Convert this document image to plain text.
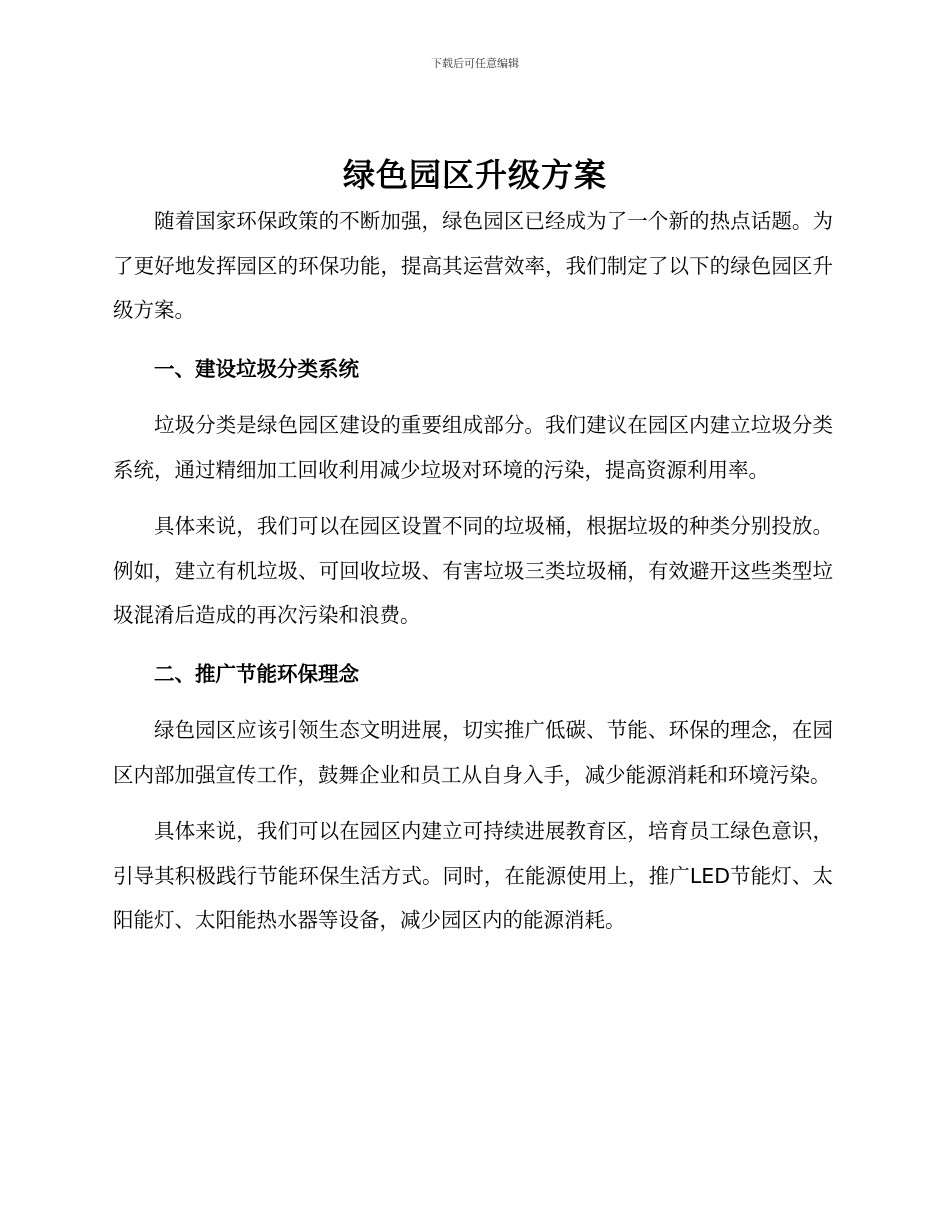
下载后可任意编辑
绿色园区升级方案

随着国家环保政策的不断加强，绿色园区已经成为了一个新的热点话题。为了更好地发挥园区的环保功能，提高其运营效率，我们制定了以下的绿色园区升级方案。

一、建设垃圾分类系统

垃圾分类是绿色园区建设的重要组成部分。我们建议在园区内建立垃圾分类系统，通过精细加工回收利用减少垃圾对环境的污染，提高资源利用率。

具体来说，我们可以在园区设置不同的垃圾桶，根据垃圾的种类分别投放。例如，建立有机垃圾、可回收垃圾、有害垃圾三类垃圾桶，有效避开这些类型垃圾混淆后造成的再次污染和浪费。

二、推广节能环保理念

绿色园区应该引领生态文明进展，切实推广低碳、节能、环保的理念，在园区内部加强宣传工作，鼓舞企业和员工从自身入手，减少能源消耗和环境污染。

具体来说，我们可以在园区内建立可持续进展教育区，培育员工绿色意识，引导其积极践行节能环保生活方式。同时，在能源使用上，推广LED节能灯、太阳能灯、太阳能热水器等设备，减少园区内的能源消耗。
